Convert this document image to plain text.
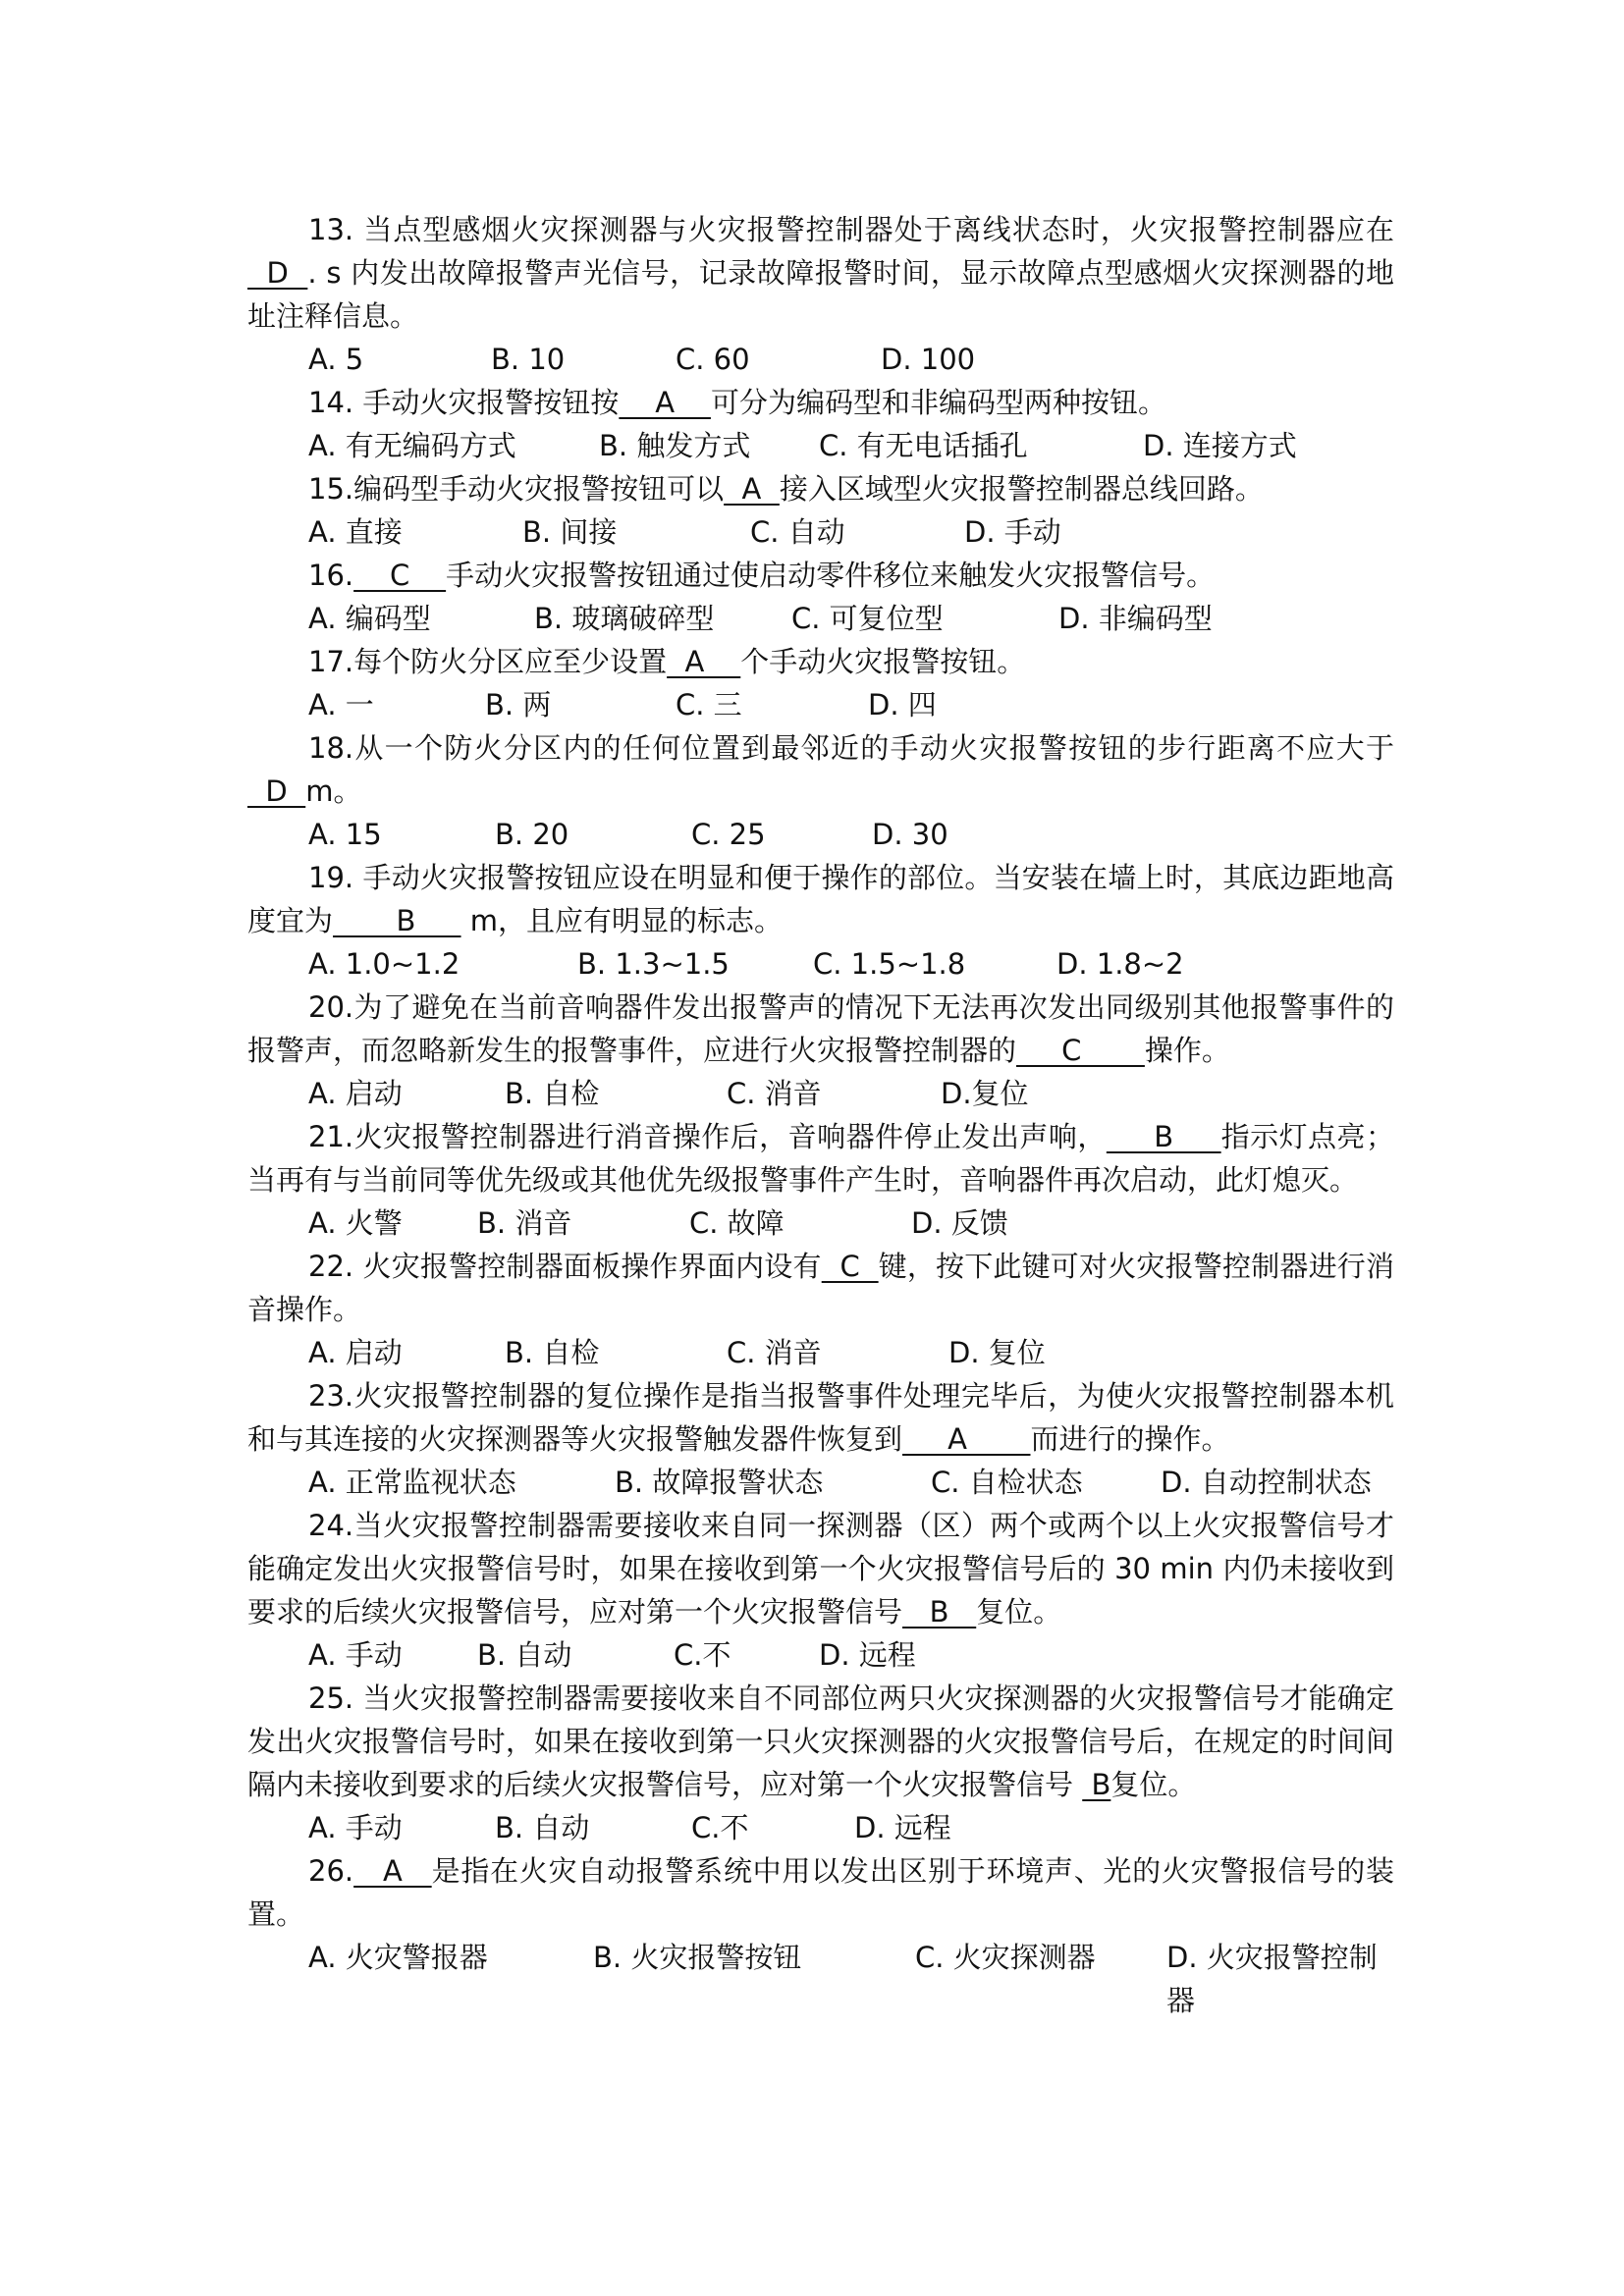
13. 当点型感烟火灾探测器与火灾报警控制器处于离线状态时，火灾报警控制器应在  D  . s 内发出故障报警声光信号，记录故障报警时间，显示故障点型感烟火灾探测器的地址注释信息。

A. 5	B. 10	C. 60	D. 100

14. 手动火灾报警按钮按    A    可分为编码型和非编码型两种按钮。

A. 有无编码方式	B. 触发方式 C. 有无电话插孔	D. 连接方式

15.编码型手动火灾报警按钮可以  A  接入区域型火灾报警控制器总线回路。

A. 直接	B. 间接	C. 自动	D. 手动

16.    C    手动火灾报警按钮通过使启动零件移位来触发火灾报警信号。

A. 编码型	B. 玻璃破碎型	C. 可复位型	D. 非编码型

17.每个防火分区应至少设置  A    个手动火灾报警按钮。

A. 一	B. 两	C. 三	D. 四

18.从一个防火分区内的任何位置到最邻近的手动火灾报警按钮的步行距离不应大于  D  m。

A. 15	B. 20	C. 25	D. 30

19. 手动火灾报警按钮应设在明显和便于操作的部位。当安装在墙上时，其底边距地高度宜为       B      m，且应有明显的标志。

A. 1.0~1.2	B. 1.3~1.5	C. 1.5~1.8	D. 1.8~2

20.为了避免在当前音响器件发出报警声的情况下无法再次发出同级别其他报警事件的报警声，而忽略新发生的报警事件，应进行火灾报警控制器的     C       操作。

A. 启动	B. 自检	C. 消音	D.复位

21.火灾报警控制器进行消音操作后，音响器件停止发出声响，     B     指示灯点亮；当再有与当前同等优先级或其他优先级报警事件产生时，音响器件再次启动，此灯熄灭。

A. 火警	B. 消音	C. 故障	D. 反馈

22. 火灾报警控制器面板操作界面内设有  C  键，按下此键可对火灾报警控制器进行消音操作。

A. 启动	B. 自检	C. 消音	D. 复位

23.火灾报警控制器的复位操作是指当报警事件处理完毕后，为使火灾报警控制器本机和与其连接的火灾探测器等火灾报警触发器件恢复到     A       而进行的操作。

A. 正常监视状态	B. 故障报警状态	C. 自检状态	D. 自动控制状态

24.当火灾报警控制器需要接收来自同一探测器（区）两个或两个以上火灾报警信号才能确定发出火灾报警信号时，如果在接收到第一个火灾报警信号后的 30 min 内仍未接收到要求的后续火灾报警信号，应对第一个火灾报警信号   B   复位。

A. 手动	B. 自动	C.不	D. 远程

25. 当火灾报警控制器需要接收来自不同部位两只火灾探测器的火灾报警信号才能确定发出火灾报警信号时，如果在接收到第一只火灾探测器的火灾报警信号后，在规定的时间间隔内未接收到要求的后续火灾报警信号，应对第一个火灾报警信号  B复位。

A. 手动	B. 自动	C.不	D. 远程

26.   A   是指在火灾自动报警系统中用以发出区别于环境声、光的火灾警报信号的装置。

A. 火灾警报器	B. 火灾报警按钮	C. 火灾探测器 D. 火灾报警控制器
